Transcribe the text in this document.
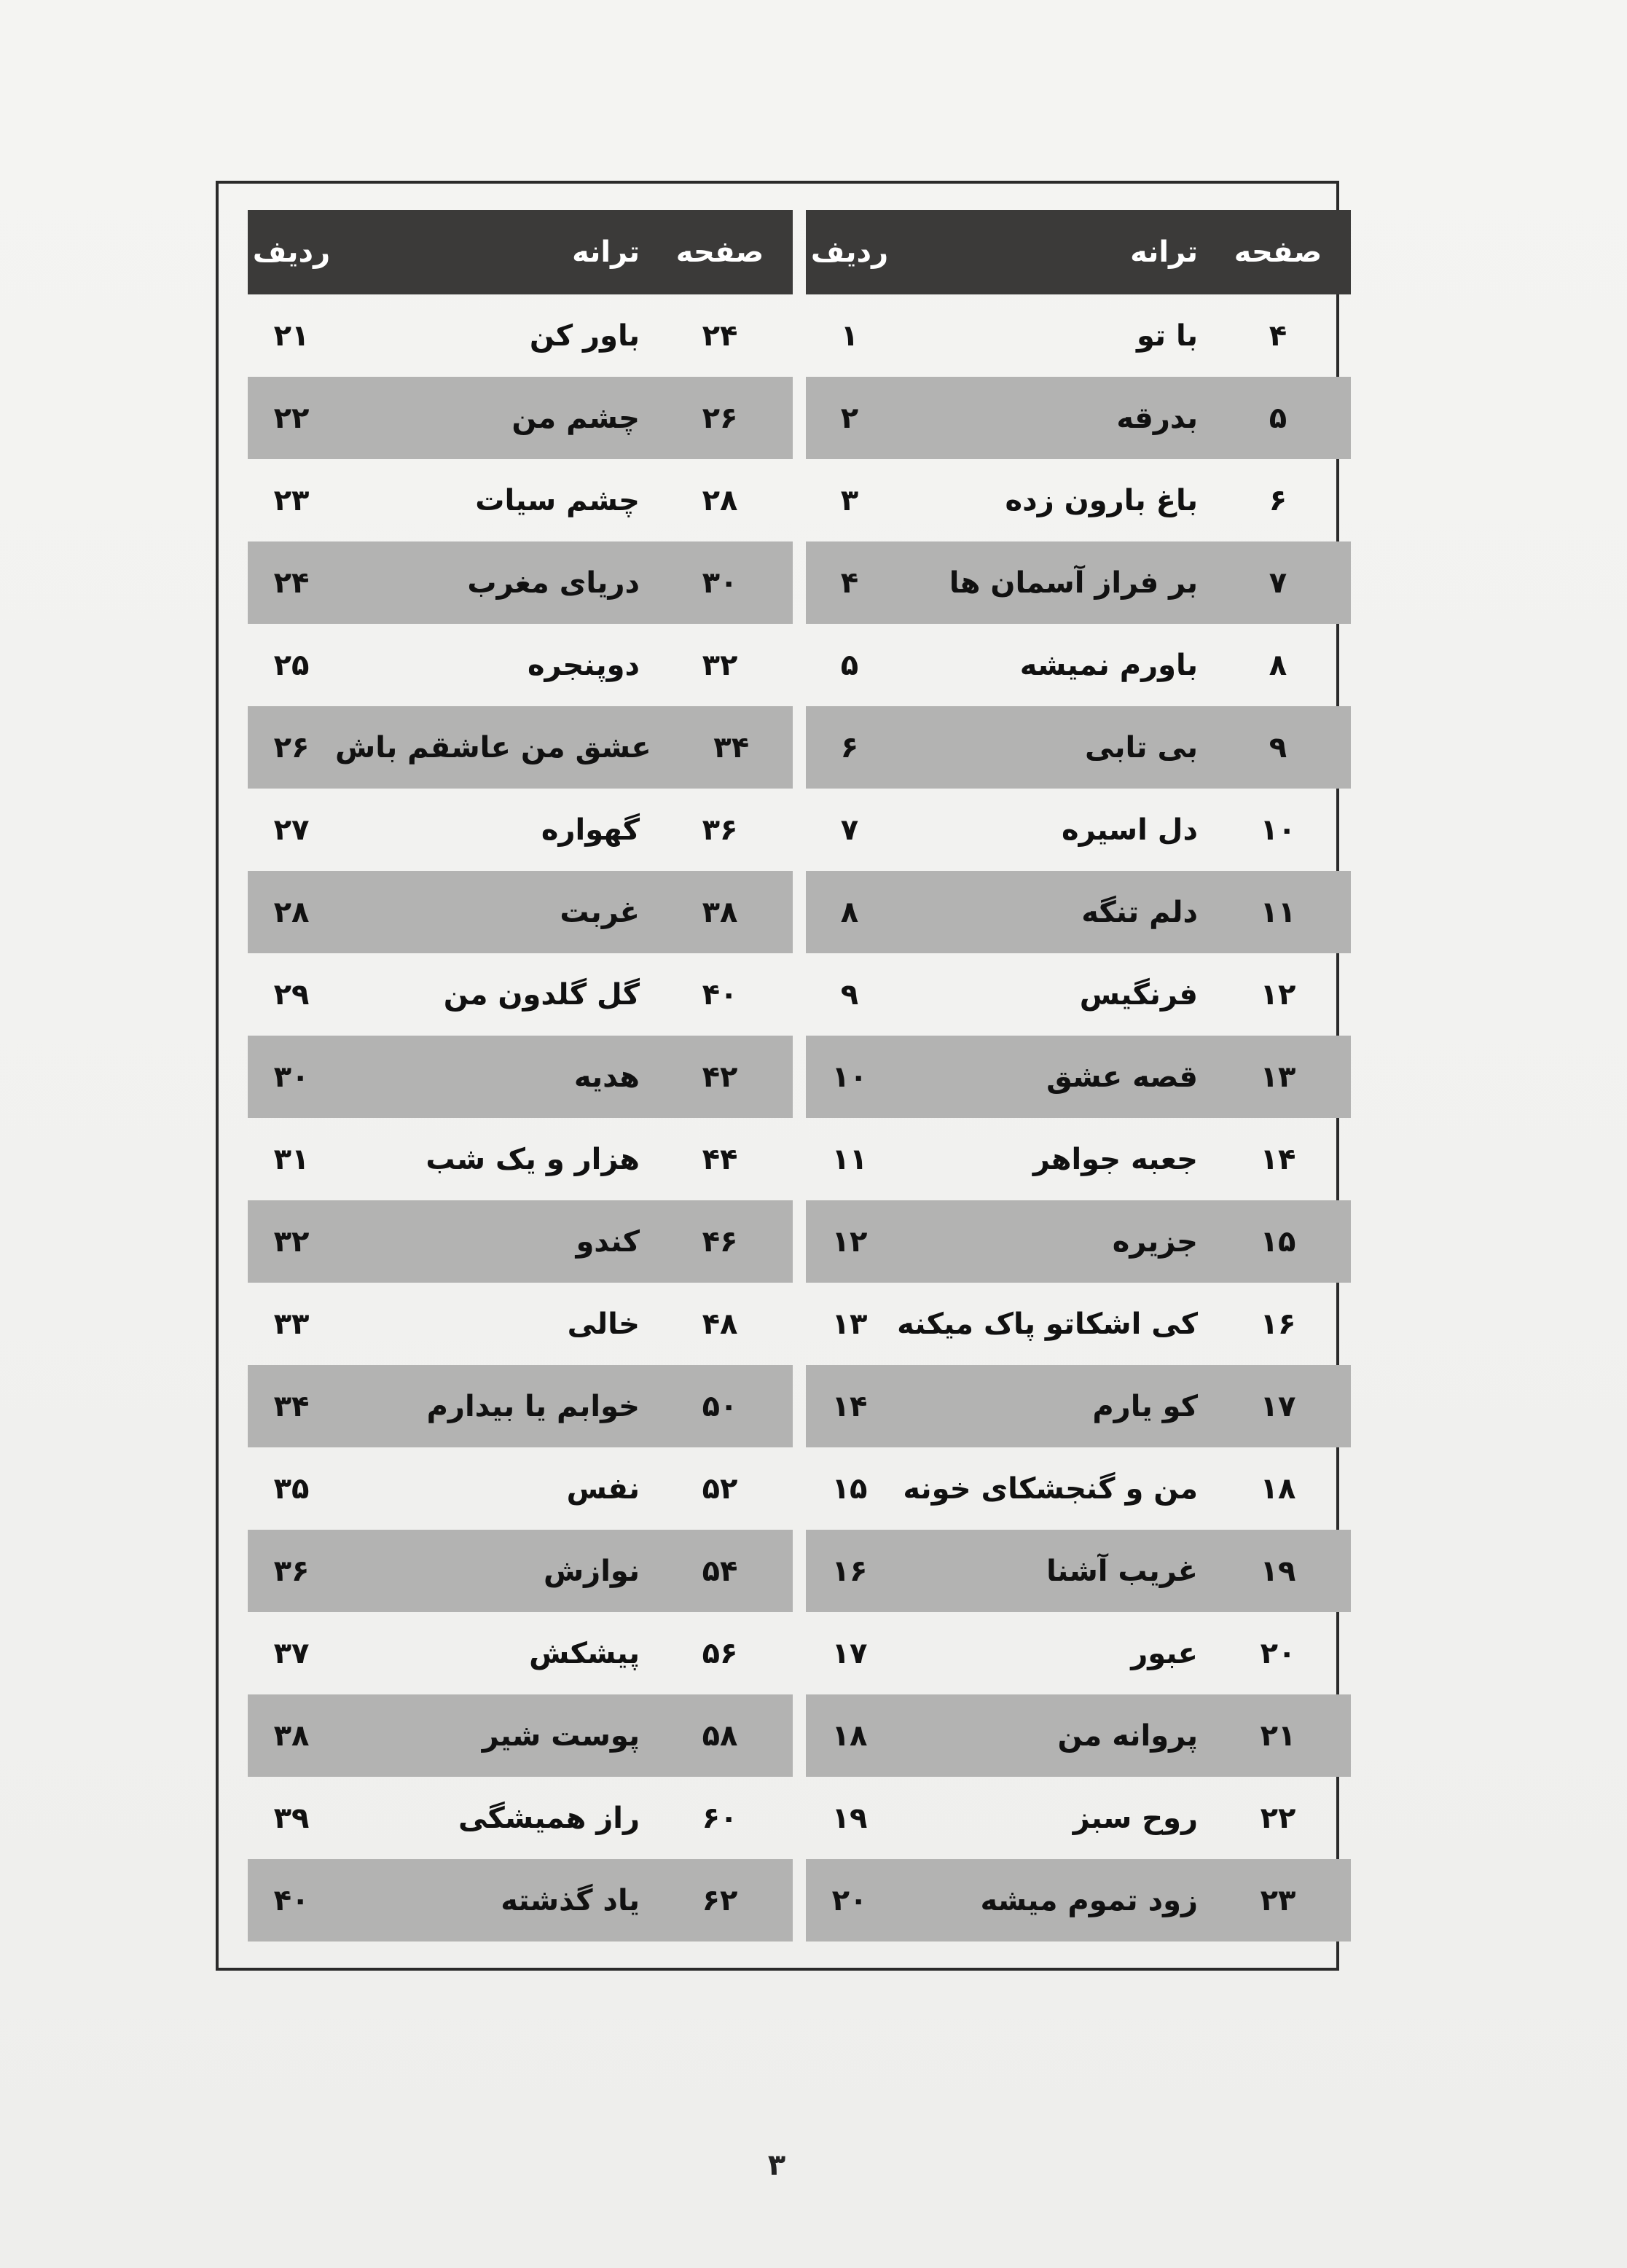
ردیف	ترانه	صفحه
۱	با تو	۴
۲	بدرقه	۵
۳	باغ بارون زده	۶
۴	بر فراز آسمان ها	۷
۵	باورم نمیشه	۸
۶	بی تابی	۹
۷	دل اسیره	۱۰
۸	دلم تنگه	۱۱
۹	فرنگیس	۱۲
۱۰	قصه عشق	۱۳
۱۱	جعبه جواهر	۱۴
۱۲	جزیره	۱۵
۱۳	کی اشکاتو پاک میکنه	۱۶
۱۴	کو یارم	۱۷
۱۵	من و گنجشکای خونه	۱۸
۱۶	غریب آشنا	۱۹
۱۷	عبور	۲۰
۱۸	پروانه من	۲۱
۱۹	روح سبز	۲۲
۲۰	زود تموم میشه	۲۳
ردیف	ترانه	صفحه
۲۱	باور کن	۲۴
۲۲	چشم من	۲۶
۲۳	چشم سیات	۲۸
۲۴	دریای مغرب	۳۰
۲۵	دوپنجره	۳۲
۲۶ عشق من عاشقم باش	۳۴
۲۷	گهواره	۳۶
۲۸	غربت	۳۸
۲۹	گل گلدون من	۴۰
۳۰	هدیه	۴۲
۳۱	هزار و یک شب	۴۴
۳۲	کندو	۴۶
۳۳	خالی	۴۸
۳۴	خوابم یا بیدارم	۵۰
۳۵	نفس	۵۲
۳۶	نوازش	۵۴
۳۷	پیشکش	۵۶
۳۸	پوست شیر	۵۸
۳۹	راز همیشگی	۶۰
۴۰	یاد گذشته	۶۲
۳
